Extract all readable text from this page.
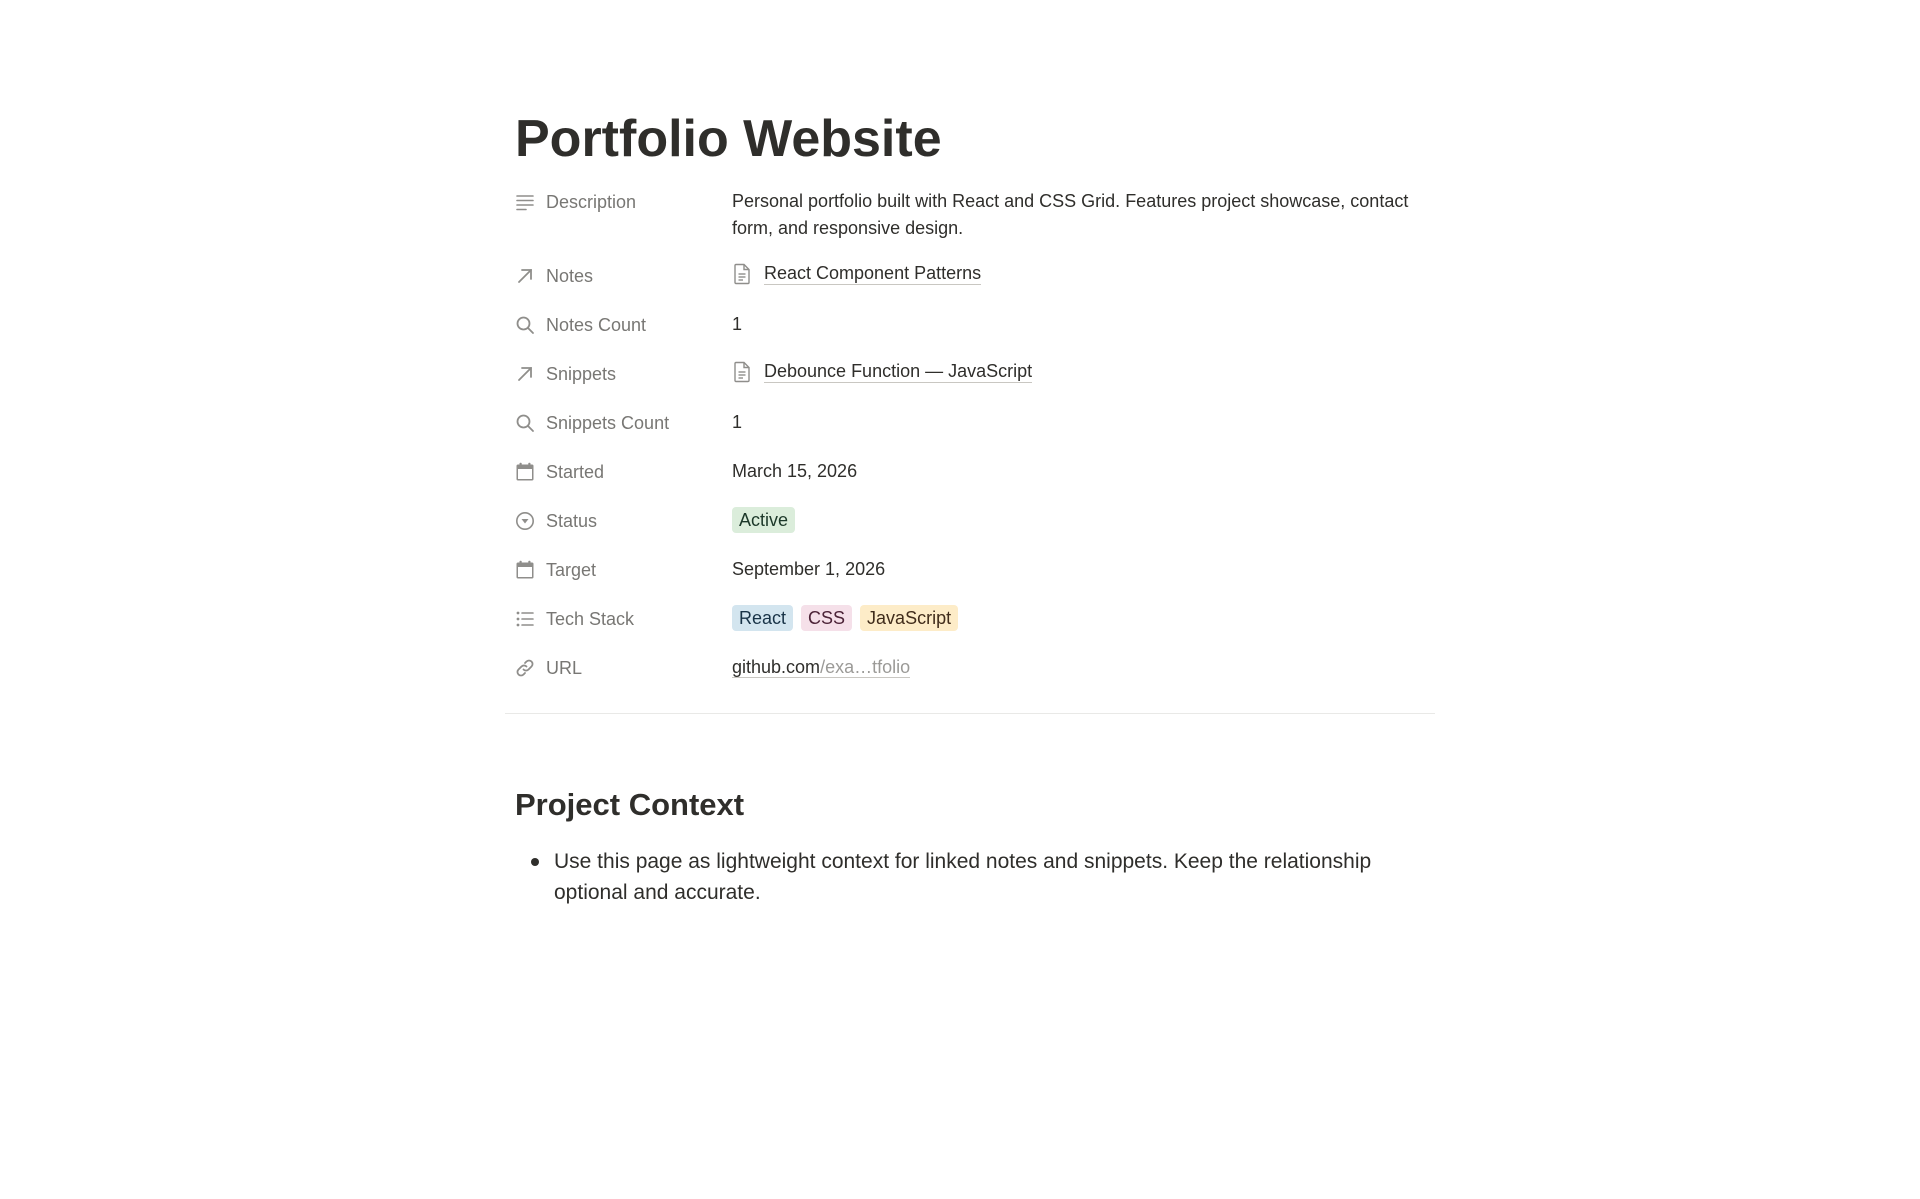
Portfolio Website
Description	Personal portfolio built with React and CSS Grid. Features project showcase, contact form, and responsive design.
Notes	React Component Patterns
Notes Count	1
Snippets	Debounce Function — JavaScript
Snippets Count	1
Started	March 15, 2026
Status	Active
Target	September 1, 2026
Tech Stack	React CSS JavaScript
URL	github.com/exa…tfolio
Project Context
Use this page as lightweight context for linked notes and snippets. Keep the relationship optional and accurate.
